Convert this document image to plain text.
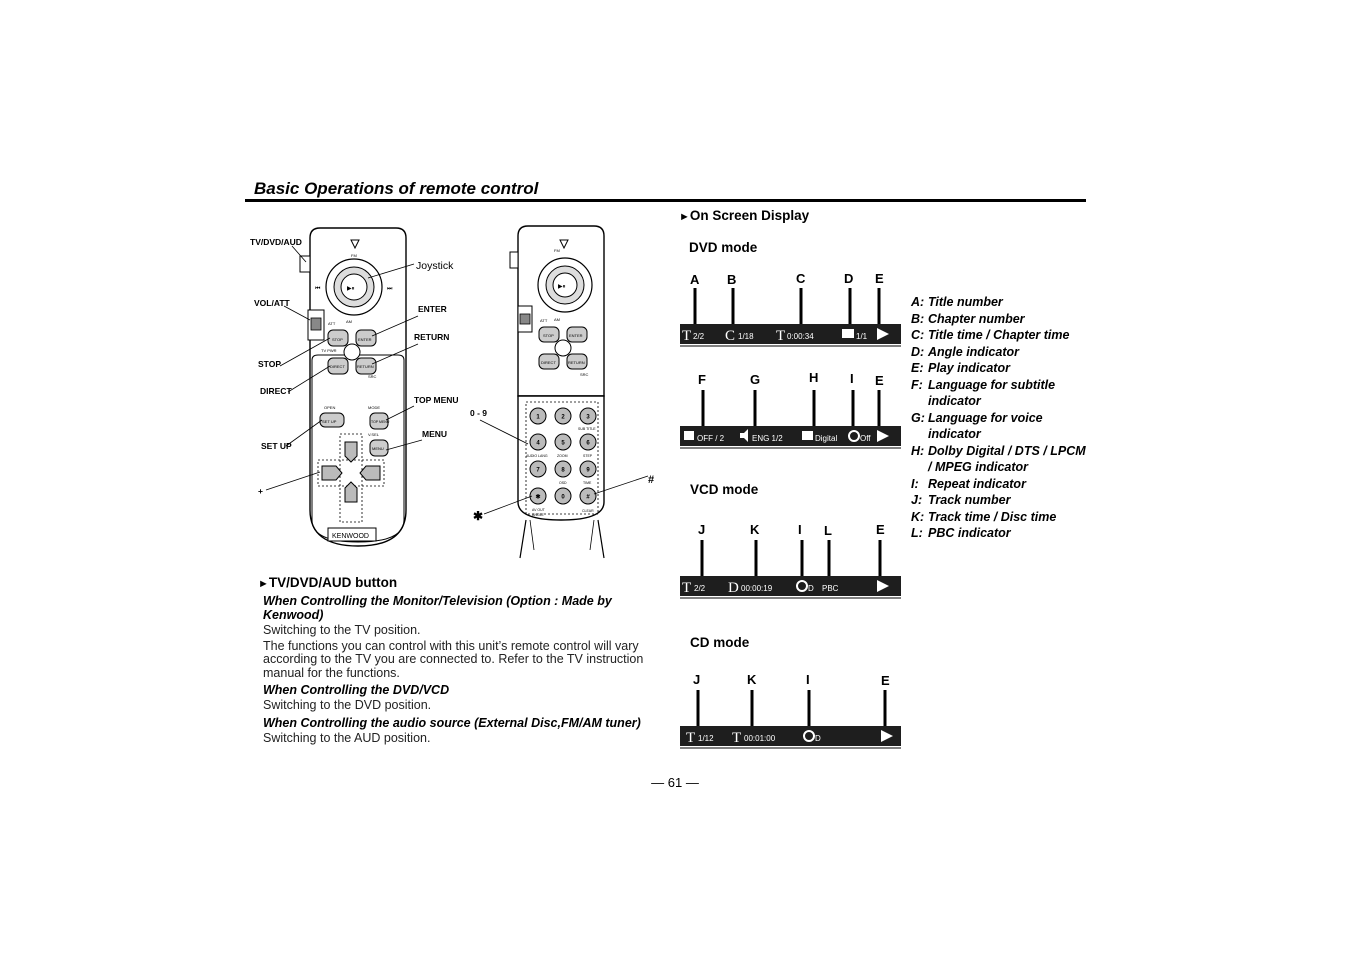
Basic Operations of remote control
FM
▶⏸
⏮	⏭
AM
ATT
STOP	ENTER
DIRECT	RETURN
TV PWR
SRC
OPEN	MODE
SET UP	TOP MENU
V.SEL
MENU
KENWOOD
TV/DVD/AUD
VOL/ATT
STOP
DIRECT
SET UP
+
ENTER
RETURN
TOP MENU
MENU
0 - 9
#
✱
Joystick
FM
▶⏸
AM
ATT
STOP	ENTER
DIRECT	RETURN
SRC
1	2	3
4	5	6
7	8	9
✱	0	#
SUB TITLE
AUDIO LANG	ZOOM	STEP
OSD	TIME
AV OUT
ANGLE
CLEAR
►TV/DVD/AUD button
When Controlling the Monitor/Television (Option : Made by Kenwood)
Switching to the TV position.
The functions you can control with this unit’s remote control will vary according to the TV you are connected to. Refer to the TV instruction manual for the functions.
When Controlling the DVD/VCD
Switching to the DVD position.
When Controlling the audio source (External Disc,FM/AM tuner)
Switching to the AUD position.
►On Screen Display
DVD mode
VCD mode
CD mode
A B	C	D E
T 2/2 C 1/18 T 0:00:34	1/1
F	G	H I E
OFF / 2	ENG 1/2	Digital	Off
J	K	I L	E
T 2/2 D 00:00:19	D PBC
J	K	I	E
T 1/12 T 00:01:00	D
A: Title number
B: Chapter number
C: Title time / Chapter time
D: Angle indicator
E: Play indicator
F: Language for subtitle indicator
G: Language for voice indicator
H: Dolby Digital / DTS / LPCM / MPEG indicator
I: Repeat indicator
J: Track number
K: Track time / Disc time
L: PBC indicator
— 61 —
